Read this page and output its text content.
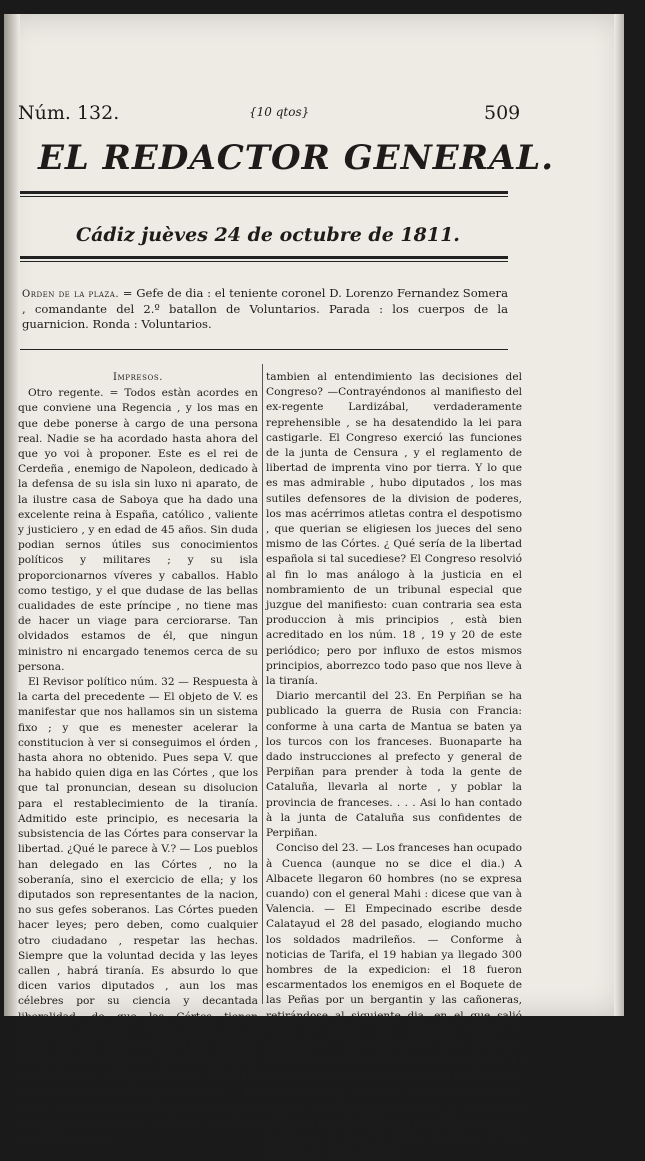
Núm. 132.	{10 qtos}	509
EL REDACTOR GENERAL.
Cádiz juèves 24 de octubre de 1811.
Orden de la plaza. = Gefe de dia : el teniente coronel D. Lorenzo Fernandez Somera , comandante del 2.º batallon de Voluntarios. Parada : los cuerpos de la guarnicion. Ronda : Voluntarios.
Impresos.

Otro regente. = Todos estàn acordes en que conviene una Regencia , y los mas en que debe ponerse à cargo de una persona real. Nadie se ha acordado hasta ahora del que yo voi à proponer. Este es el rei de Cerdeña , enemigo de Napoleon, dedicado à la defensa de su isla sin luxo ni aparato, de la ilustre casa de Saboya que ha dado una excelente reina à España, católico , valiente y justiciero , y en edad de 45 años. Sin duda podian sernos útiles sus conocimientos políticos y militares ; y su isla proporcionarnos víveres y caballos. Hablo como testigo, y el que dudase de las bellas cualidades de este príncipe , no tiene mas de hacer un viage para cerciorarse. Tan olvidados estamos de él, que ningun ministro ni encargado tenemos cerca de su persona.

El Revisor político núm. 32 — Respuesta à la carta del precedente — El objeto de V. es manifestar que nos hallamos sin un sistema fixo ; y que es menester acelerar la constitucion à ver si conseguimos el órden , hasta ahora no obtenido. Pues sepa V. que ha habido quien diga en las Córtes , que los que tal pronuncian, desean su disolucion para el restablecimiento de la tiranía. Admitido este principio, es necesaria la subsistencia de las Córtes para conservar la libertad. ¿Qué le parece à V.? — Los pueblos han delegado en las Córtes , no la soberanía, sino el exercicio de ella; y los diputados son representantes de la nacion, no sus gefes soberanos. Las Córtes pueden hacer leyes; pero deben, como cualquier otro ciudadano , respetar las hechas. Siempre que la voluntad decida y las leyes callen , habrá tiranía. Es absurdo lo que dicen varios diputados , aun los mas célebres por su ciencia y decantada liberalidad, de que las Córtes tienen autoridad para todo , y que ¿quien será el osado que lo dispute? Reprobar algunas decisiones del Congreso, no es dudar de la legitimidad de su representacion, ni de los derechos del pueblo representado. ¿ Es acaso, fe mismo prestarse à la obediencia que al convencimiento? ¿Obligan no solo à la voluntad, sino

tambien al entendimiento las decisiones del Congreso? —Contrayéndonos al manifiesto del ex-regente Lardizábal, verdaderamente reprehensible , se ha desatendido la lei para castigarle. El Congreso exerció las funciones de la junta de Censura , y el reglamento de libertad de imprenta vino por tierra. Y lo que es mas admirable , hubo diputados , los mas sutiles defensores de la division de poderes, los mas acérrimos atletas contra el despotismo , que querian se eligiesen los jueces del seno mismo de las Córtes. ¿ Qué sería de la libertad española si tal sucediese? El Congreso resolvió al fin lo mas análogo à la justicia en el nombramiento de un tribunal especial que juzgue del manifiesto: cuan contraria sea esta produccion à mis principios , està bien acreditado en los núm. 18 , 19 y 20 de este periódico; pero por influxo de estos mismos principios, aborrezco todo paso que nos lleve à la tiranía.

Diario mercantil del 23. En Perpiñan se ha publicado la guerra de Rusia con Francia: conforme à una carta de Mantua se baten ya los turcos con los franceses. Buonaparte ha dado instrucciones al prefecto y general de Perpiñan para prender à toda la gente de Cataluña, llevarla al norte , y poblar la provincia de franceses. . . . Asi lo han contado à la junta de Cataluña sus confidentes de Perpiñan.

Conciso del 23. — Los franceses han ocupado à Cuenca (aunque no se dice el dia.) A Albacete llegaron 60 hombres (no se expresa cuando) con el general Mahi : dicese que van à Valencia. — El Empecinado escribe desde Calatayud el 28 del pasado, elogiando mucho los soldados madrileños. — Conforme à noticias de Tarifa, el 19 habian ya llegado 300 hombres de la expedicion: el 18 fueron escarmentados los enemigos en el Boquete de las Peñas por un bergantin y las cañoneras, retirándose al siguiente dia, en el que salió tropa de Tarifa con artillería volante à acamparse , presumiéndose que formasen baterías en las alturas inmediatas à la plaza. El 20 hubo un choque en las casas del Porro entre los franceses y patriotas, muriendo 2 de estos, y 9 de aquellos con un oficial. — La marina británica cuenta 1023 buques, de los cuales se hallan en el mar 95 navíos de línea, y 500 buques de inferior porte.
